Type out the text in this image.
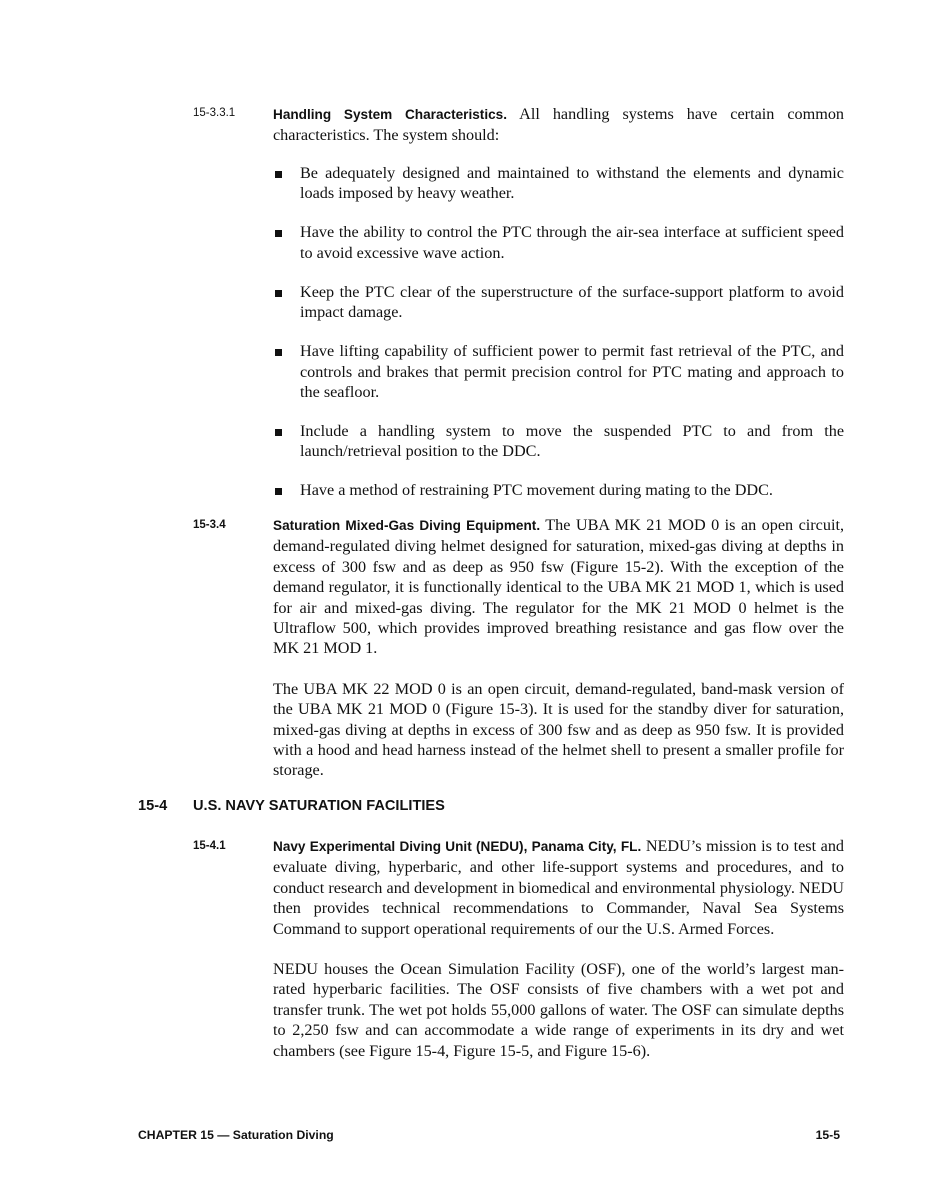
15-3.3.1	Handling System Characteristics. All handling systems have certain common characteristics. The system should:
Be adequately designed and maintained to withstand the elements and dynamic loads imposed by heavy weather.
Have the ability to control the PTC through the air-sea interface at sufficient speed to avoid excessive wave action.
Keep the PTC clear of the superstructure of the surface-support platform to avoid impact damage.
Have lifting capability of sufficient power to permit fast retrieval of the PTC, and controls and brakes that permit precision control for PTC mating and approach to the seafloor.
Include a handling system to move the suspended PTC to and from the launch/retrieval position to the DDC.
Have a method of restraining PTC movement during mating to the DDC.
15-3.4	Saturation Mixed-Gas Diving Equipment. The UBA MK 21 MOD 0 is an open circuit, demand-regulated diving helmet designed for saturation, mixed-gas diving at depths in excess of 300 fsw and as deep as 950 fsw (Figure 15-2). With the exception of the demand regulator, it is functionally identical to the UBA MK 21 MOD 1, which is used for air and mixed-gas diving. The regulator for the MK 21 MOD 0 helmet is the Ultraflow 500, which provides improved breathing resistance and gas flow over the MK 21 MOD 1.

The UBA MK 22 MOD 0 is an open circuit, demand-regulated, band-mask version of the UBA MK 21 MOD 0 (Figure 15-3). It is used for the standby diver for saturation, mixed-gas diving at depths in excess of 300 fsw and as deep as 950 fsw. It is provided with a hood and head harness instead of the helmet shell to present a smaller profile for storage.

15-4 U.S. NAVY SATURATION FACILITIES
15-4.1	Navy Experimental Diving Unit (NEDU), Panama City, FL. NEDU’s mission is to test and evaluate diving, hyperbaric, and other life-support systems and procedures, and to conduct research and development in biomedical and environmental physiology. NEDU then provides technical recommendations to Commander, Naval Sea Systems Command to support operational requirements of our the U.S. Armed Forces.

NEDU houses the Ocean Simulation Facility (OSF), one of the world’s largest man-rated hyperbaric facilities. The OSF consists of five chambers with a wet pot and transfer trunk. The wet pot holds 55,000 gallons of water. The OSF can simulate depths to 2,250 fsw and can accommodate a wide range of experiments in its dry and wet chambers (see Figure 15-4, Figure 15-5, and Figure 15-6).

CHAPTER 15 — Saturation Diving	15-5
